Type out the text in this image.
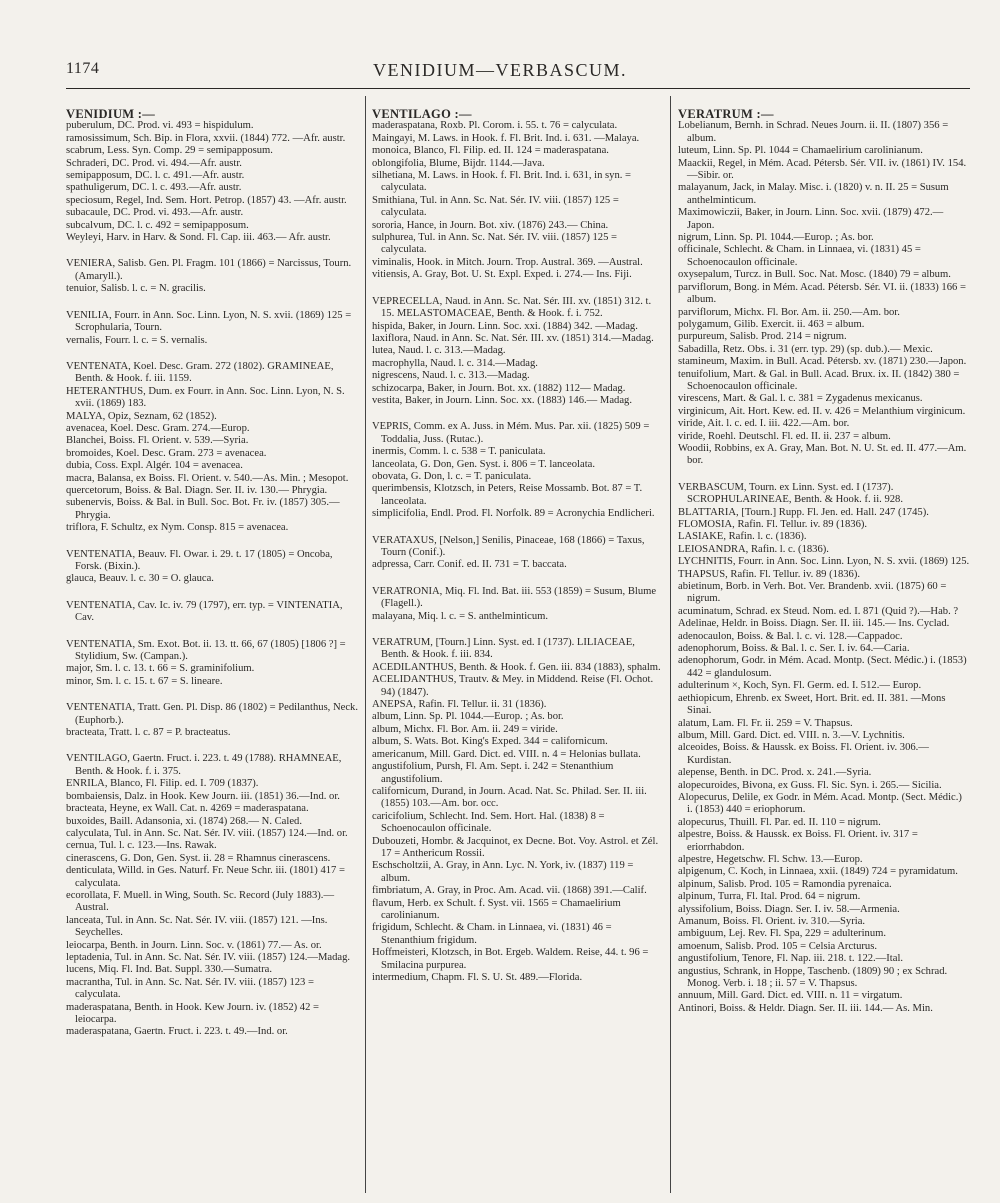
1174	VENIDIUM—VERBASCUM.
VENIDIUM :—
puberulum, DC. Prod. vi. 493 = hispidulum.
ramosissimum, Sch. Bip. in Flora, xxvii. (1844) 772. —Afr. austr.
scabrum, Less. Syn. Comp. 29 = semipapposum.
Schraderi, DC. Prod. vi. 494.—Afr. austr.
semipapposum, DC. l. c. 491.—Afr. austr.
spathuligerum, DC. l. c. 493.—Afr. austr.
speciosum, Regel, Ind. Sem. Hort. Petrop. (1857) 43. —Afr. austr.
subacaule, DC. Prod. vi. 493.—Afr. austr.
subcalvum, DC. l. c. 492 = semipapposum.
Weyleyi, Harv. in Harv. & Sond. Fl. Cap. iii. 463.— Afr. austr.
VENIERA, Salisb. Gen. Pl. Fragm. 101 (1866) = Narcissus, Tourn. (Amaryll.).
tenuior, Salisb. l. c. = N. gracilis.
VENILIA, Fourr. in Ann. Soc. Linn. Lyon, N. S. xvii. (1869) 125 = Scrophularia, Tourn.
vernalis, Fourr. l. c. = S. vernalis.
VENTENATA, Koel. Desc. Gram. 272 (1802). GRAMINEAE, Benth. & Hook. f. iii. 1159.
HETERANTHUS, Dum. ex Fourr. in Ann. Soc. Linn. Lyon, N. S. xvii. (1869) 183.
MALYA, Opiz, Seznam, 62 (1852).
avenacea, Koel. Desc. Gram. 274.—Europ.
Blanchei, Boiss. Fl. Orient. v. 539.—Syria.
bromoides, Koel. Desc. Gram. 273 = avenacea.
dubia, Coss. Expl. Algér. 104 = avenacea.
macra, Balansa, ex Boiss. Fl. Orient. v. 540.—As. Min. ; Mesopot.
quercetorum, Boiss. & Bal. Diagn. Ser. II. iv. 130.— Phrygia.
subenervis, Boiss. & Bal. in Bull. Soc. Bot. Fr. iv. (1857) 305.—Phrygia.
triflora, F. Schultz, ex Nym. Consp. 815 = avenacea.
VENTENATIA, Beauv. Fl. Owar. i. 29. t. 17 (1805) = Oncoba, Forsk. (Bixin.).
glauca, Beauv. l. c. 30 = O. glauca.
VENTENATIA, Cav. Ic. iv. 79 (1797), err. typ. = VINTENATIA, Cav.
VENTENATIA, Sm. Exot. Bot. ii. 13. tt. 66, 67 (1805) [1806 ?] = Stylidium, Sw. (Campan.).
major, Sm. l. c. 13. t. 66 = S. graminifolium.
minor, Sm. l. c. 15. t. 67 = S. lineare.
VENTENATIA, Tratt. Gen. Pl. Disp. 86 (1802) = Pedilanthus, Neck. (Euphorb.).
bracteata, Tratt. l. c. 87 = P. bracteatus.
VENTILAGO, Gaertn. Fruct. i. 223. t. 49 (1788). RHAMNEAE, Benth. & Hook. f. i. 375.
ENRILA, Blanco, Fl. Filip. ed. I. 709 (1837).
bombaiensis, Dalz. in Hook. Kew Journ. iii. (1851) 36.—Ind. or.
bracteata, Heyne, ex Wall. Cat. n. 4269 = maderaspatana.
buxoides, Baill. Adansonia, xi. (1874) 268.— N. Caled.
calyculata, Tul. in Ann. Sc. Nat. Sér. IV. viii. (1857) 124.—Ind. or.
cernua, Tul. l. c. 123.—Ins. Rawak.
cinerascens, G. Don, Gen. Syst. ii. 28 = Rhamnus cinerascens.
denticulata, Willd. in Ges. Naturf. Fr. Neue Schr. iii. (1801) 417 = calyculata.
ecorollata, F. Muell. in Wing, South. Sc. Record (July 1883).—Austral.
lanceata, Tul. in Ann. Sc. Nat. Sér. IV. viii. (1857) 121. —Ins. Seychelles.
leiocarpa, Benth. in Journ. Linn. Soc. v. (1861) 77.— As. or.
leptadenia, Tul. in Ann. Sc. Nat. Sér. IV. viii. (1857) 124.—Madag.
lucens, Miq. Fl. Ind. Bat. Suppl. 330.—Sumatra.
macrantha, Tul. in Ann. Sc. Nat. Sér. IV. viii. (1857) 123 = calyculata.
maderaspatana, Benth. in Hook. Kew Journ. iv. (1852) 42 = leiocarpa.
maderaspatana, Gaertn. Fruct. i. 223. t. 49.—Ind. or.
VENTILAGO :—
maderaspatana, Roxb. Pl. Corom. i. 55. t. 76 = calyculata.
Maingayi, M. Laws. in Hook. f. Fl. Brit. Ind. i. 631. —Malaya.
monoica, Blanco, Fl. Filip. ed. II. 124 = maderaspatana.
oblongifolia, Blume, Bijdr. 1144.—Java.
silhetiana, M. Laws. in Hook. f. Fl. Brit. Ind. i. 631, in syn. = calyculata.
Smithiana, Tul. in Ann. Sc. Nat. Sér. IV. viii. (1857) 125 = calyculata.
sororia, Hance, in Journ. Bot. xiv. (1876) 243.— China.
sulphurea, Tul. in Ann. Sc. Nat. Sér. IV. viii. (1857) 125 = calyculata.
viminalis, Hook. in Mitch. Journ. Trop. Austral. 369. —Austral.
vitiensis, A. Gray, Bot. U. St. Expl. Exped. i. 274.— Ins. Fiji.
VEPRECELLA, Naud. in Ann. Sc. Nat. Sér. III. xv. (1851) 312. t. 15. MELASTOMACEAE, Benth. & Hook. f. i. 752.
hispida, Baker, in Journ. Linn. Soc. xxi. (1884) 342. —Madag.
laxiflora, Naud. in Ann. Sc. Nat. Sér. III. xv. (1851) 314.—Madag.
lutea, Naud. l. c. 313.—Madag.
macrophylla, Naud. l. c. 314.—Madag.
nigrescens, Naud. l. c. 313.—Madag.
schizocarpa, Baker, in Journ. Bot. xx. (1882) 112— Madag.
vestita, Baker, in Journ. Linn. Soc. xx. (1883) 146.— Madag.
VEPRIS, Comm. ex A. Juss. in Mém. Mus. Par. xii. (1825) 509 = Toddalia, Juss. (Rutac.).
inermis, Comm. l. c. 538 = T. paniculata.
lanceolata, G. Don, Gen. Syst. i. 806 = T. lanceolata.
obovata, G. Don, l. c. = T. paniculata.
querimbensis, Klotzsch, in Peters, Reise Mossamb. Bot. 87 = T. lanceolata.
simplicifolia, Endl. Prod. Fl. Norfolk. 89 = Acronychia Endlicheri.
VERATAXUS, [Nelson,] Senilis, Pinaceae, 168 (1866) = Taxus, Tourn (Conif.).
adpressa, Carr. Conif. ed. II. 731 = T. baccata.
VERATRONIA, Miq. Fl. Ind. Bat. iii. 553 (1859) = Susum, Blume (Flagell.).
malayana, Miq. l. c. = S. anthelminticum.
VERATRUM, [Tourn.] Linn. Syst. ed. I (1737). LILIACEAE, Benth. & Hook. f. iii. 834.
ACEDILANTHUS, Benth. & Hook. f. Gen. iii. 834 (1883), sphalm.
ACELIDANTHUS, Trautv. & Mey. in Middend. Reise (Fl. Ochot. 94) (1847).
ANEPSA, Rafin. Fl. Tellur. ii. 31 (1836).
album, Linn. Sp. Pl. 1044.—Europ. ; As. bor.
album, Michx. Fl. Bor. Am. ii. 249 = viride.
album, S. Wats. Bot. King's Exped. 344 = californicum.
americanum, Mill. Gard. Dict. ed. VIII. n. 4 = Helonias bullata.
angustifolium, Pursh, Fl. Am. Sept. i. 242 = Stenanthium angustifolium.
californicum, Durand, in Journ. Acad. Nat. Sc. Philad. Ser. II. iii. (1855) 103.—Am. bor. occ.
caricifolium, Schlecht. Ind. Sem. Hort. Hal. (1838) 8 = Schoenocaulon officinale.
Dubouzeti, Hombr. & Jacquinot, ex Decne. Bot. Voy. Astrol. et Zél. 17 = Anthericum Rossii.
Eschscholtzii, A. Gray, in Ann. Lyc. N. York, iv. (1837) 119 = album.
fimbriatum, A. Gray, in Proc. Am. Acad. vii. (1868) 391.—Calif.
flavum, Herb. ex Schult. f. Syst. vii. 1565 = Chamaelirium carolinianum.
frigidum, Schlecht. & Cham. in Linnaea, vi. (1831) 46 = Stenanthium frigidum.
Hoffmeisteri, Klotzsch, in Bot. Ergeb. Waldem. Reise, 44. t. 96 = Smilacina purpurea.
intermedium, Chapm. Fl. S. U. St. 489.—Florida.
VERATRUM :—
Lobelianum, Bernh. in Schrad. Neues Journ. ii. II. (1807) 356 = album.
luteum, Linn. Sp. Pl. 1044 = Chamaelirium carolinianum.
Maackii, Regel, in Mém. Acad. Pétersb. Sér. VII. iv. (1861) IV. 154.—Sibir. or.
malayanum, Jack, in Malay. Misc. i. (1820) v. n. II. 25 = Susum anthelminticum.
Maximowiczii, Baker, in Journ. Linn. Soc. xvii. (1879) 472.—Japon.
nigrum, Linn. Sp. Pl. 1044.—Europ. ; As. bor.
officinale, Schlecht. & Cham. in Linnaea, vi. (1831) 45 = Schoenocaulon officinale.
oxysepalum, Turcz. in Bull. Soc. Nat. Mosc. (1840) 79 = album.
parviflorum, Bong. in Mém. Acad. Pétersb. Sér. VI. ii. (1833) 166 = album.
parviflorum, Michx. Fl. Bor. Am. ii. 250.—Am. bor.
polygamum, Gilib. Exercit. ii. 463 = album.
purpureum, Salisb. Prod. 214 = nigrum.
Sabadilla, Retz. Obs. i. 31 (err. typ. 29) (sp. dub.).— Mexic.
stamineum, Maxim. in Bull. Acad. Pétersb. xv. (1871) 230.—Japon.
tenuifolium, Mart. & Gal. in Bull. Acad. Brux. ix. II. (1842) 380 = Schoenocaulon officinale.
virescens, Mart. & Gal. l. c. 381 = Zygadenus mexicanus.
virginicum, Ait. Hort. Kew. ed. II. v. 426 = Melanthium virginicum.
viride, Ait. l. c. ed. I. iii. 422.—Am. bor.
viride, Roehl. Deutschl. Fl. ed. II. ii. 237 = album.
Woodii, Robbins, ex A. Gray, Man. Bot. N. U. St. ed. II. 477.—Am. bor.
VERBASCUM, Tourn. ex Linn. Syst. ed. I (1737). SCROPHULARINEAE, Benth. & Hook. f. ii. 928.
BLATTARIA, [Tourn.] Rupp. Fl. Jen. ed. Hall. 247 (1745).
FLOMOSIA, Rafin. Fl. Tellur. iv. 89 (1836).
LASIAKE, Rafin. l. c. (1836).
LEIOSANDRA, Rafin. l. c. (1836).
LYCHNITIS, Fourr. in Ann. Soc. Linn. Lyon, N. S. xvii. (1869) 125.
THAPSUS, Rafin. Fl. Tellur. iv. 89 (1836).
abietinum, Borb. in Verh. Bot. Ver. Brandenb. xvii. (1875) 60 = nigrum.
acuminatum, Schrad. ex Steud. Nom. ed. I. 871 (Quid ?).—Hab. ?
Adelinae, Heldr. in Boiss. Diagn. Ser. II. iii. 145.— Ins. Cyclad.
adenocaulon, Boiss. & Bal. l. c. vi. 128.—Cappadoc.
adenophorum, Boiss. & Bal. l. c. Ser. I. iv. 64.—Caria.
adenophorum, Godr. in Mém. Acad. Montp. (Sect. Médic.) i. (1853) 442 = glandulosum.
adulterinum ×, Koch, Syn. Fl. Germ. ed. I. 512.— Europ.
aethiopicum, Ehrenb. ex Sweet, Hort. Brit. ed. II. 381. —Mons Sinai.
alatum, Lam. Fl. Fr. ii. 259 = V. Thapsus.
album, Mill. Gard. Dict. ed. VIII. n. 3.—V. Lychnitis.
alceoides, Boiss. & Haussk. ex Boiss. Fl. Orient. iv. 306.—Kurdistan.
alepense, Benth. in DC. Prod. x. 241.—Syria.
alopecuroides, Bivona, ex Guss. Fl. Sic. Syn. i. 265.— Sicilia.
Alopecurus, Delile, ex Godr. in Mém. Acad. Montp. (Sect. Médic.) i. (1853) 440 = eriophorum.
alopecurus, Thuill. Fl. Par. ed. II. 110 = nigrum.
alpestre, Boiss. & Haussk. ex Boiss. Fl. Orient. iv. 317 = eriorrhabdon.
alpestre, Hegetschw. Fl. Schw. 13.—Europ.
alpigenum, C. Koch, in Linnaea, xxii. (1849) 724 = pyramidatum.
alpinum, Salisb. Prod. 105 = Ramondia pyrenaica.
alpinum, Turra, Fl. Ital. Prod. 64 = nigrum.
alyssifolium, Boiss. Diagn. Ser. I. iv. 58.—Armenia.
Amanum, Boiss. Fl. Orient. iv. 310.—Syria.
ambiguum, Lej. Rev. Fl. Spa, 229 = adulterinum.
amoenum, Salisb. Prod. 105 = Celsia Arcturus.
angustifolium, Tenore, Fl. Nap. iii. 218. t. 122.—Ital.
angustius, Schrank, in Hoppe, Taschenb. (1809) 90 ; ex Schrad. Monog. Verb. i. 18 ; ii. 57 = V. Thapsus.
annuum, Mill. Gard. Dict. ed. VIII. n. 11 = virgatum.
Antinori, Boiss. & Heldr. Diagn. Ser. II. iii. 144.— As. Min.
